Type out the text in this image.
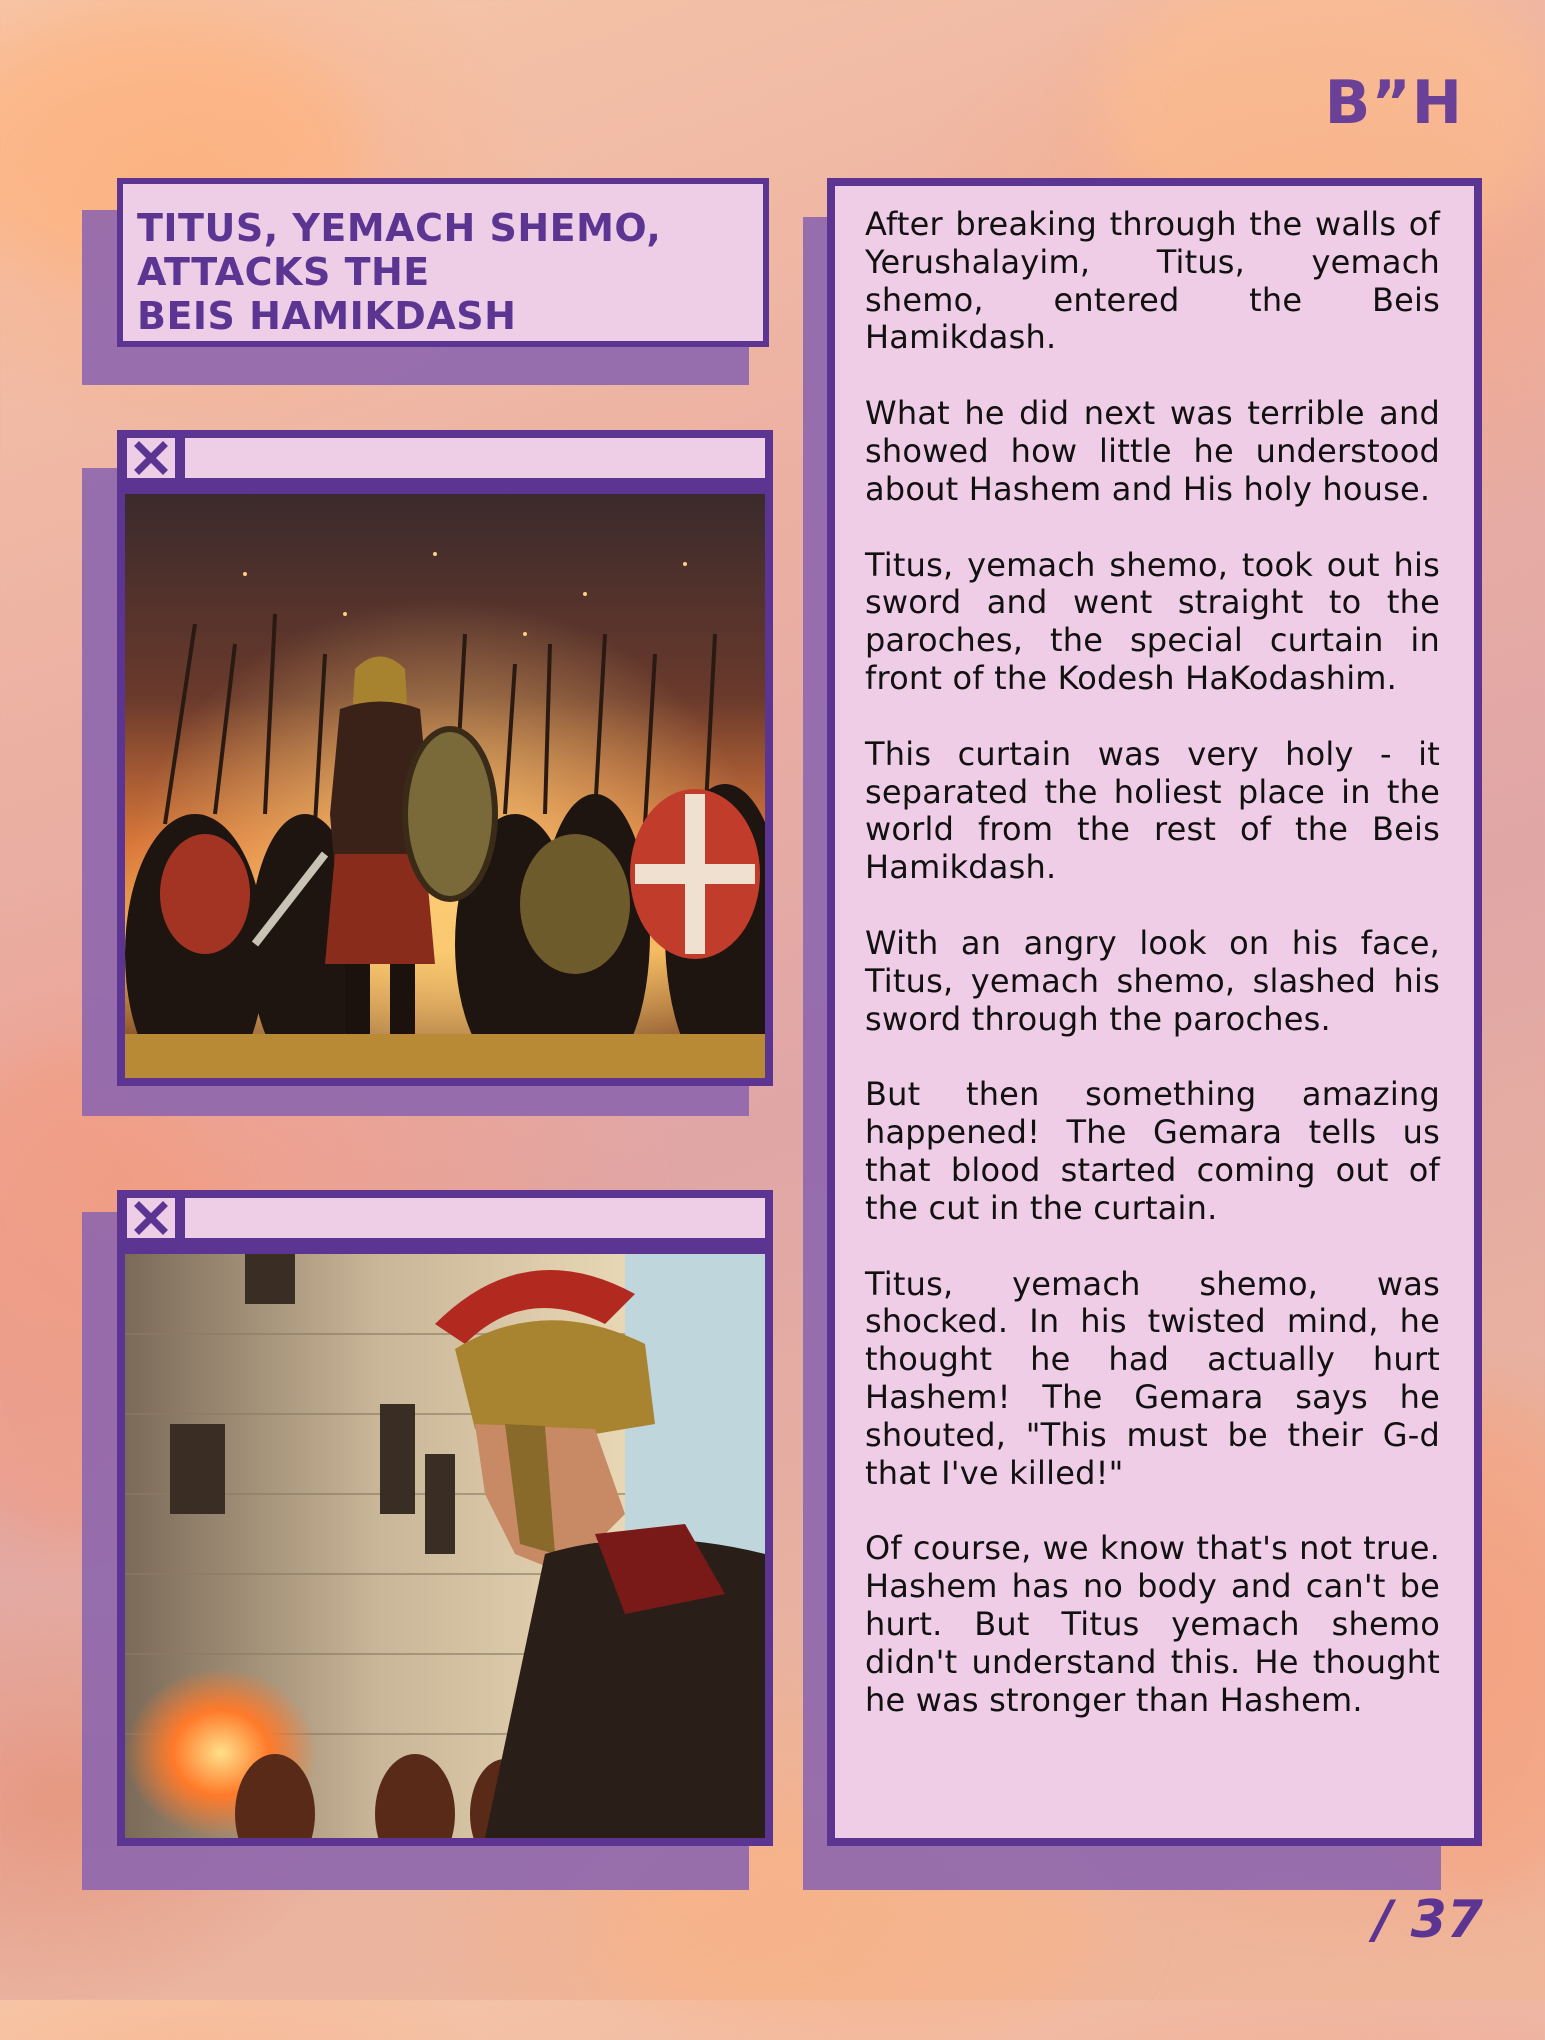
B”H
TITUS, YEMACH SHEMO,
ATTACKS THE
BEIS HAMIKDASH

After breaking through the walls of Yerushalayim, Titus, yemach shemo, entered the Beis Hamikdash.

What he did next was terrible and showed how little he understood about Hashem and His holy house.

Titus, yemach shemo, took out his sword and went straight to the paroches, the special curtain in front of the Kodesh HaKodashim.

This curtain was very holy - it separated the holiest place in the world from the rest of the Beis Hamikdash.

With an angry look on his face, Titus, yemach shemo, slashed his sword through the paroches.

But then something amazing happened! The Gemara tells us that blood started coming out of the cut in the curtain.

Titus, yemach shemo, was shocked. In his twisted mind, he thought he had actually hurt Hashem! The Gemara says he shouted, "This must be their G-d that I've killed!"

Of course, we know that's not true. Hashem has no body and can't be hurt. But Titus yemach shemo didn't understand this. He thought he was stronger than Hashem.

/ 37
